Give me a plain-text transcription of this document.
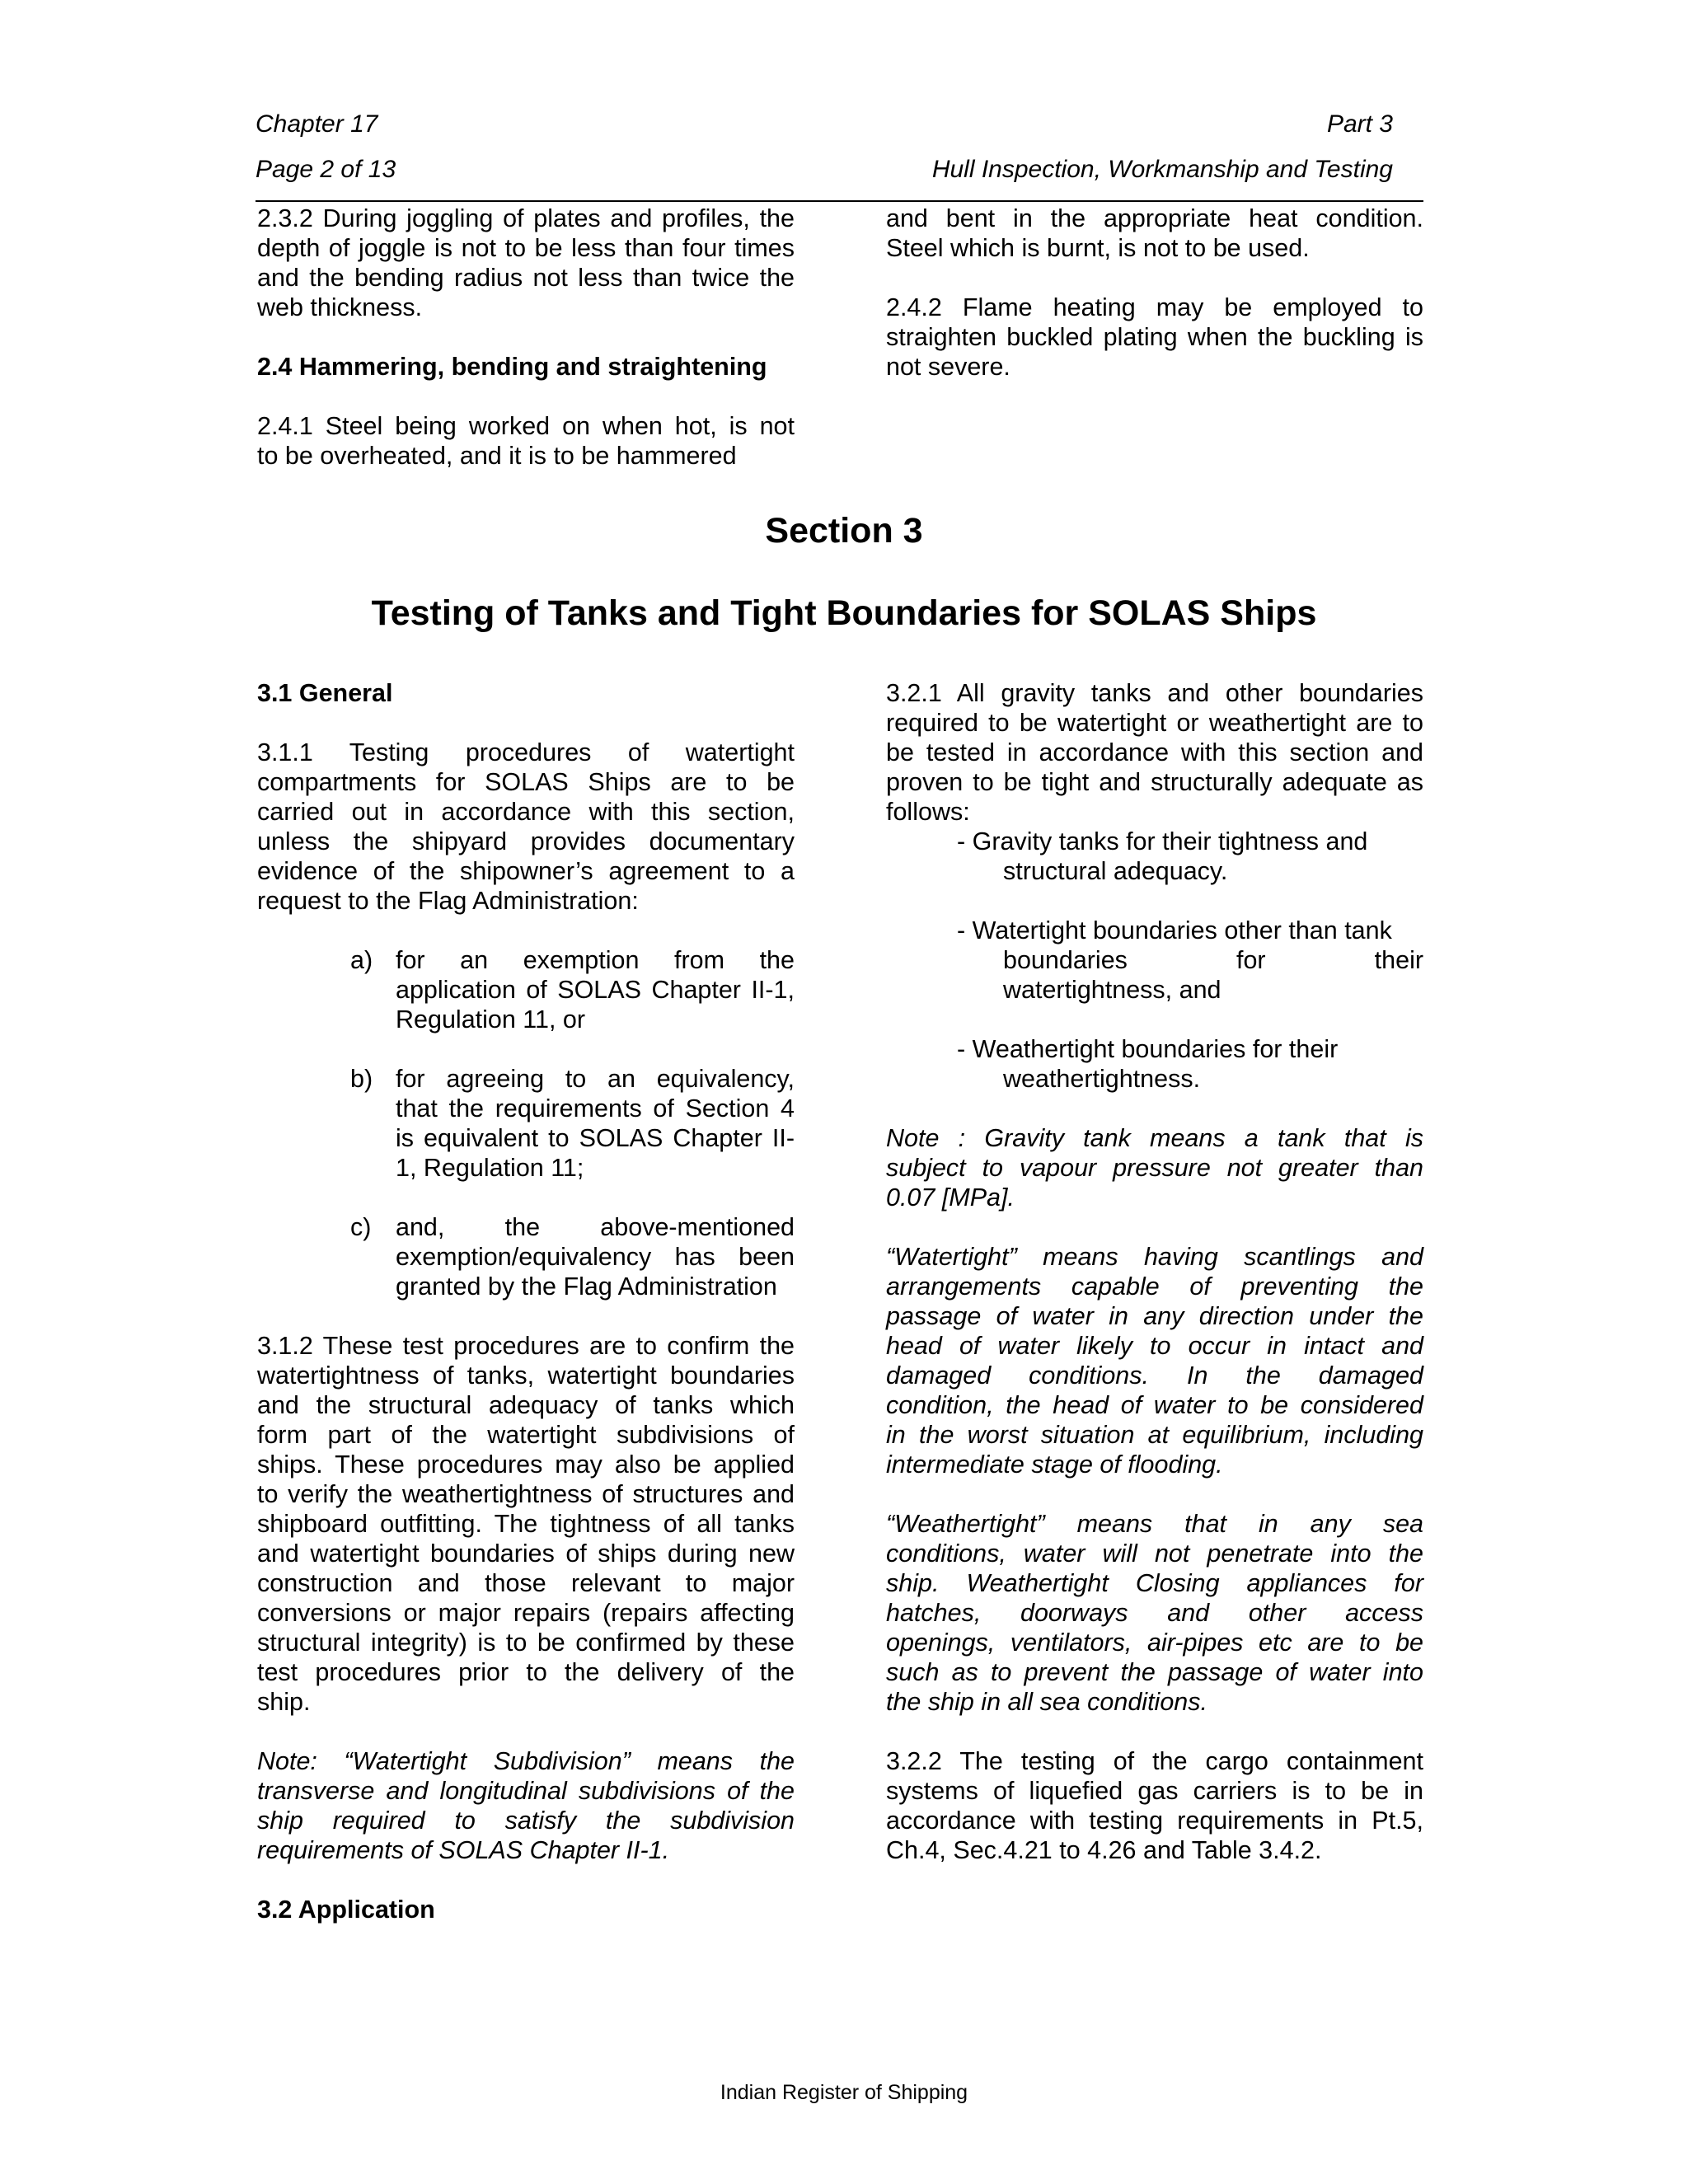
Chapter 17
Page 2 of 13
Part 3
Hull Inspection, Workmanship and Testing

2.3.2 During joggling of plates and profiles, the
depth of joggle is not to be less than four times
and the bending radius not less than twice the
web thickness.

2.4 Hammering, bending and straightening

2.4.1 Steel being worked on when hot, is not
to be overheated, and it is to be hammered

and bent in the appropriate heat condition.
Steel which is burnt, is not to be used.

2.4.2 Flame heating may be employed to
straighten buckled plating when the buckling is
not severe.

Section 3
Testing of Tanks and Tight Boundaries for SOLAS Ships

3.1 General

3.1.1 Testing procedures of watertight
compartments for SOLAS Ships are to be
carried out in accordance with this section,
unless the shipyard provides documentary
evidence of the shipowner’s agreement to a
request to the Flag Administration:

a) for an exemption from the
application of SOLAS Chapter II-1,
Regulation 11, or
b) for agreeing to an equivalency,
that the requirements of Section 4
is equivalent to SOLAS Chapter II-
1, Regulation 11;
c) and, the above-mentioned
exemption/equivalency has been
granted by the Flag Administration

3.1.2 These test procedures are to confirm the
watertightness of tanks, watertight boundaries
and the structural adequacy of tanks which
form part of the watertight subdivisions of
ships. These procedures may also be applied
to verify the weathertightness of structures and
shipboard outfitting. The tightness of all tanks
and watertight boundaries of ships during new
construction and those relevant to major
conversions or major repairs (repairs affecting
structural integrity) is to be confirmed by these
test procedures prior to the delivery of the
ship.

Note: “Watertight Subdivision” means the
transverse and longitudinal subdivisions of the
ship required to satisfy the subdivision
requirements of SOLAS Chapter II-1.

3.2 Application

3.2.1 All gravity tanks and other boundaries
required to be watertight or weathertight are to
be tested in accordance with this section and
proven to be tight and structurally adequate as
follows:

- Gravity tanks for their tightness and
structural adequacy.
- Watertight boundaries other than tank
boundaries for their
watertightness, and
- Weathertight boundaries for their
weathertightness.

Note : Gravity tank means a tank that is
subject to vapour pressure not greater than
0.07 [MPa].

“Watertight” means having scantlings and
arrangements capable of preventing the
passage of water in any direction under the
head of water likely to occur in intact and
damaged conditions. In the damaged
condition, the head of water to be considered
in the worst situation at equilibrium, including
intermediate stage of flooding.

“Weathertight” means that in any sea
conditions, water will not penetrate into the
ship. Weathertight Closing appliances for
hatches, doorways and other access
openings, ventilators, air-pipes etc are to be
such as to prevent the passage of water into
the ship in all sea conditions.

3.2.2 The testing of the cargo containment
systems of liquefied gas carriers is to be in
accordance with testing requirements in Pt.5,
Ch.4, Sec.4.21 to 4.26 and Table 3.4.2.

Indian Register of Shipping
